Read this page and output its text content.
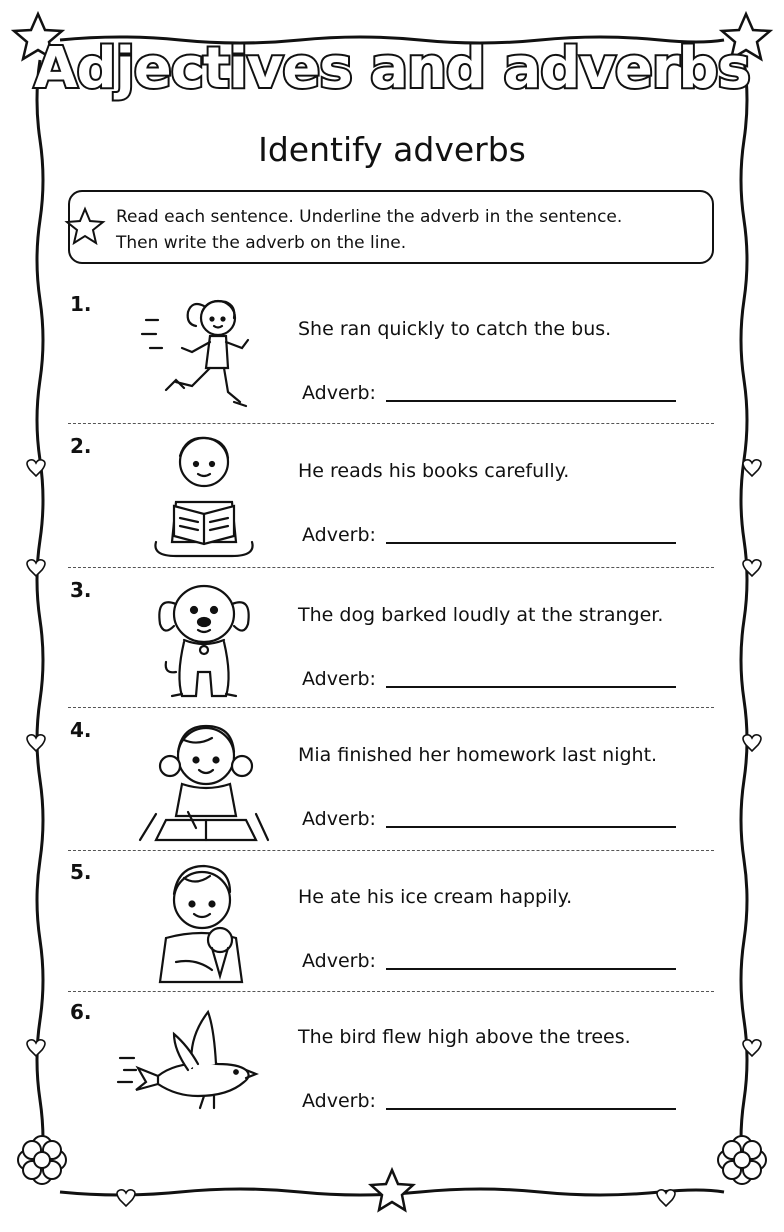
Adjectives and adverbs
Identify adverbs
Read each sentence. Underline the adverb in the sentence.
Then write the adverb on the line.
1.
She ran quickly to catch the bus.
Adverb:
2.
He reads his books carefully.
Adverb:
3.
The dog barked loudly at the stranger.
Adverb:
4.
Mia finished her homework last night.
Adverb:
5.
He ate his ice cream happily.
Adverb:
6.
The bird flew high above the trees.
Adverb:
